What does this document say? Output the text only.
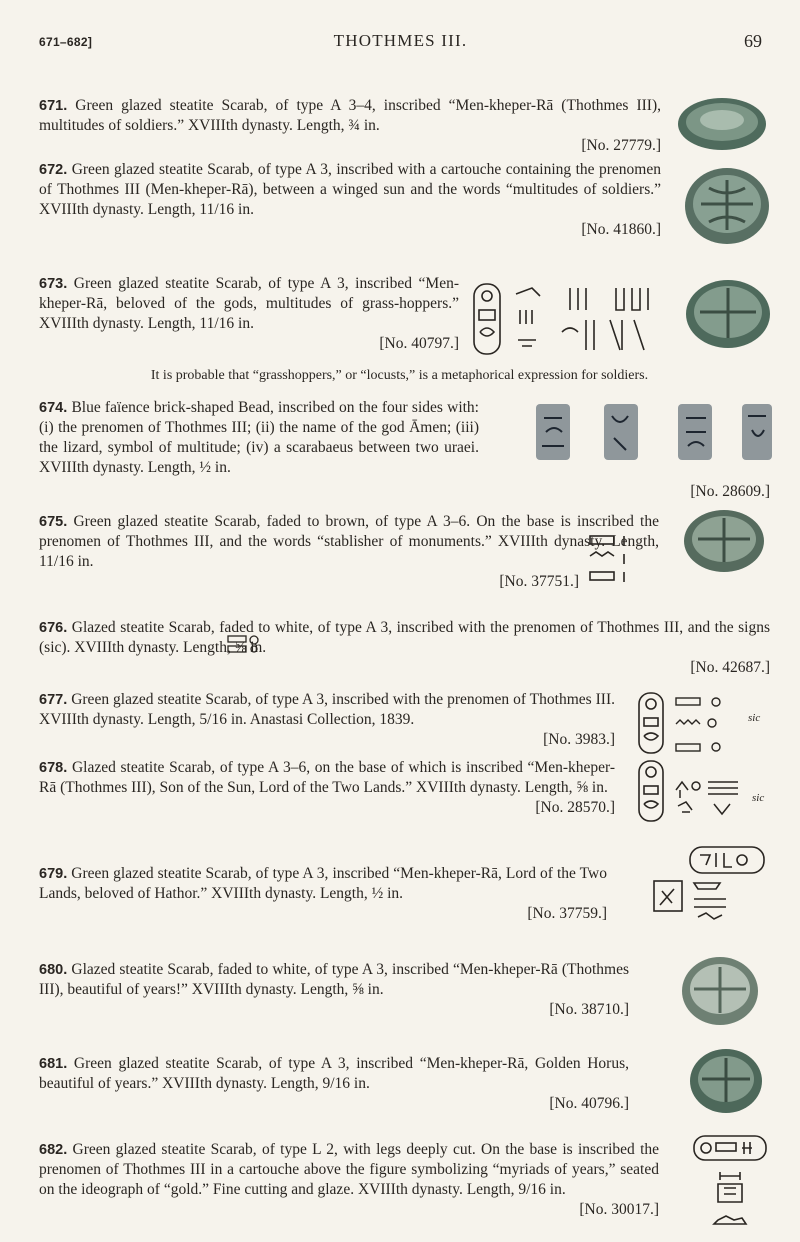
671–682]	THOTHMES III.	69
671. Green glazed steatite Scarab, of type A 3–4, inscribed “Men-kheper-Rā (Thothmes III), multitudes of soldiers.” XVIIIth dynasty. Length, ¾ in.
[No. 27779.]
672. Green glazed steatite Scarab, of type A 3, inscribed with a cartouche containing the prenomen of Thothmes III (Men-kheper-Rā), between a winged sun and the words “multitudes of soldiers.” XVIIIth dynasty. Length, 11/16 in.
[No. 41860.]
673. Green glazed steatite Scarab, of type A 3, inscribed “Men-kheper-Rā, beloved of the gods, multitudes of grass-hoppers.” XVIIIth dynasty. Length, 11/16 in.
[No. 40797.]
It is probable that “grasshoppers,” or “locusts,” is a metaphorical expression for soldiers.
674. Blue faïence brick-shaped Bead, inscribed on the four sides with: (i) the prenomen of Thothmes III; (ii) the name of the god Āmen; (iii) the lizard, symbol of multitude; (iv) a scarabaeus between two uraei. XVIIIth dynasty. Length, ½ in.
[No. 28609.]
675. Green glazed steatite Scarab, faded to brown, of type A 3–6. On the base is inscribed the prenomen of Thothmes III, and the words “stablisher of monuments.” XVIIIth dynasty. Length, 11/16 in.
[No. 37751.]
676. Glazed steatite Scarab, faded to white, of type A 3, inscribed with the prenomen of Thothmes III, and the signs (sic). XVIIIth dynasty. Length, ⅝ in.
[No. 42687.]
677. Green glazed steatite Scarab, of type A 3, inscribed with the prenomen of Thothmes III. XVIIIth dynasty. Length, 5/16 in. Anastasi Collection, 1839.
[No. 3983.]
678. Glazed steatite Scarab, of type A 3–6, on the base of which is inscribed “Men-kheper-Rā (Thothmes III), Son of the Sun, Lord of the Two Lands.” XVIIIth dynasty. Length, ⅝ in.
[No. 28570.]
679. Green glazed steatite Scarab, of type A 3, inscribed “Men-kheper-Rā, Lord of the Two Lands, beloved of Hathor.” XVIIIth dynasty. Length, ½ in.
[No. 37759.]
680. Glazed steatite Scarab, faded to white, of type A 3, inscribed “Men-kheper-Rā (Thothmes III), beautiful of years!” XVIIIth dynasty. Length, ⅝ in.
[No. 38710.]
681. Green glazed steatite Scarab, of type A 3, inscribed “Men-kheper-Rā, Golden Horus, beautiful of years.” XVIIIth dynasty. Length, 9/16 in.
[No. 40796.]
682. Green glazed steatite Scarab, of type L 2, with legs deeply cut. On the base is inscribed the prenomen of Thothmes III in a cartouche above the figure symbolizing “myriads of years,” seated on the ideograph of “gold.” Fine cutting and glaze. XVIIIth dynasty. Length, 9/16 in.
[No. 30017.]
sic
sic
